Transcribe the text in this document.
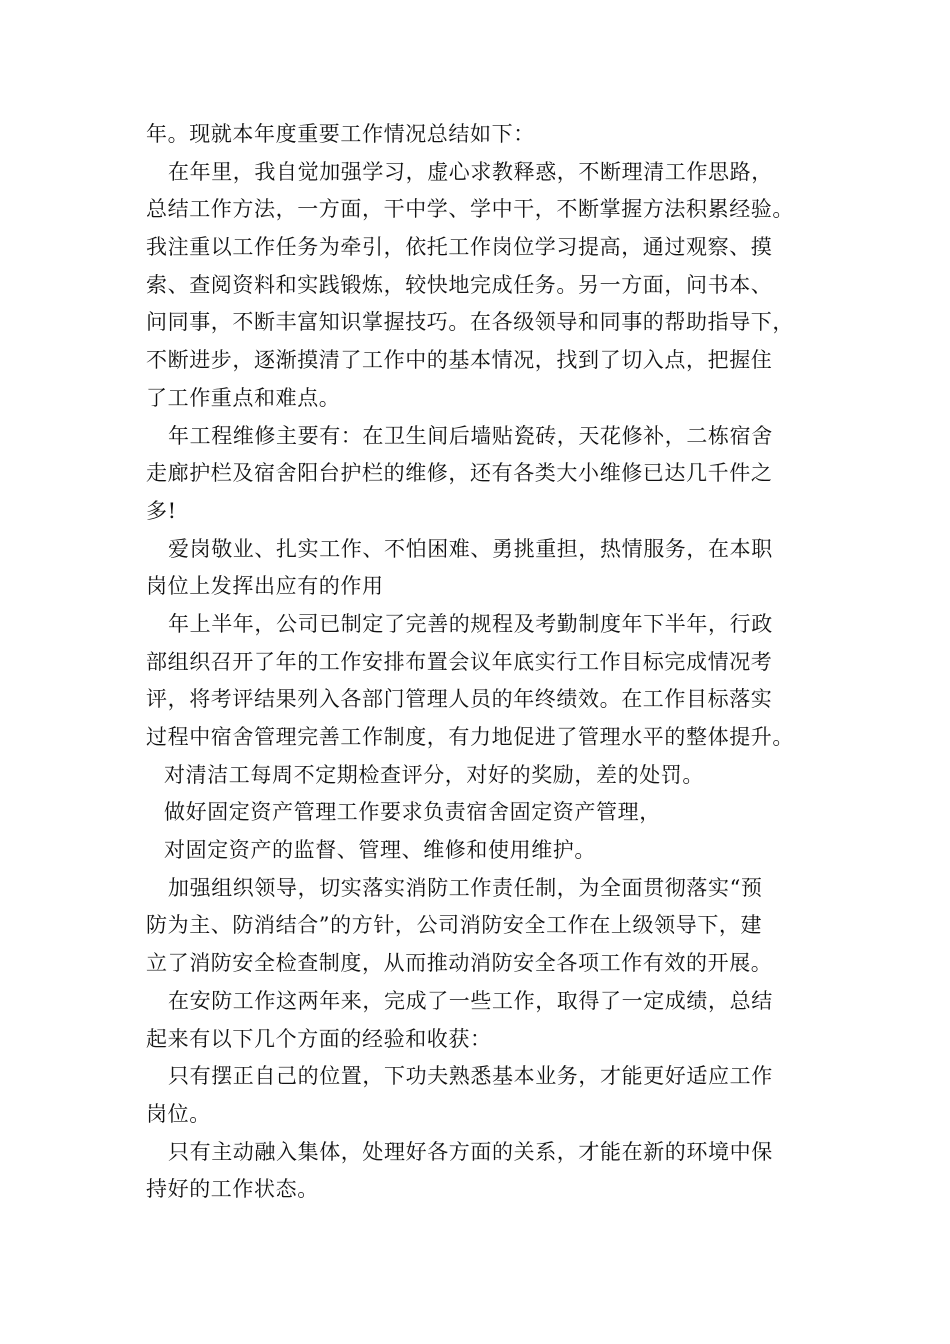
年。现就本年度重要工作情况总结如下：
在年里，我自觉加强学习，虚心求教释惑，不断理清工作思路，
总结工作方法，一方面，干中学、学中干，不断掌握方法积累经验。
我注重以工作任务为牵引，依托工作岗位学习提高，通过观察、摸
索、查阅资料和实践锻炼，较快地完成任务。另一方面，问书本、
问同事，不断丰富知识掌握技巧。在各级领导和同事的帮助指导下，
不断进步，逐渐摸清了工作中的基本情况，找到了切入点，把握住
了工作重点和难点。
年工程维修主要有：在卫生间后墙贴瓷砖，天花修补，二栋宿舍
走廊护栏及宿舍阳台护栏的维修，还有各类大小维修已达几千件之
多!
爱岗敬业、扎实工作、不怕困难、勇挑重担，热情服务，在本职
岗位上发挥出应有的作用
年上半年，公司已制定了完善的规程及考勤制度年下半年，行政
部组织召开了年的工作安排布置会议年底实行工作目标完成情况考
评，将考评结果列入各部门管理人员的年终绩效。在工作目标落实
过程中宿舍管理完善工作制度，有力地促进了管理水平的整体提升。
对清洁工每周不定期检查评分，对好的奖励，差的处罚。
做好固定资产管理工作要求负责宿舍固定资产管理，
对固定资产的监督、管理、维修和使用维护。
加强组织领导，切实落实消防工作责任制，为全面贯彻落实“预
防为主、防消结合”的方针，公司消防安全工作在上级领导下，建
立了消防安全检查制度，从而推动消防安全各项工作有效的开展。
在安防工作这两年来，完成了一些工作，取得了一定成绩，总结
起来有以下几个方面的经验和收获：
只有摆正自己的位置，下功夫熟悉基本业务，才能更好适应工作
岗位。
只有主动融入集体，处理好各方面的关系，才能在新的环境中保
持好的工作状态。
